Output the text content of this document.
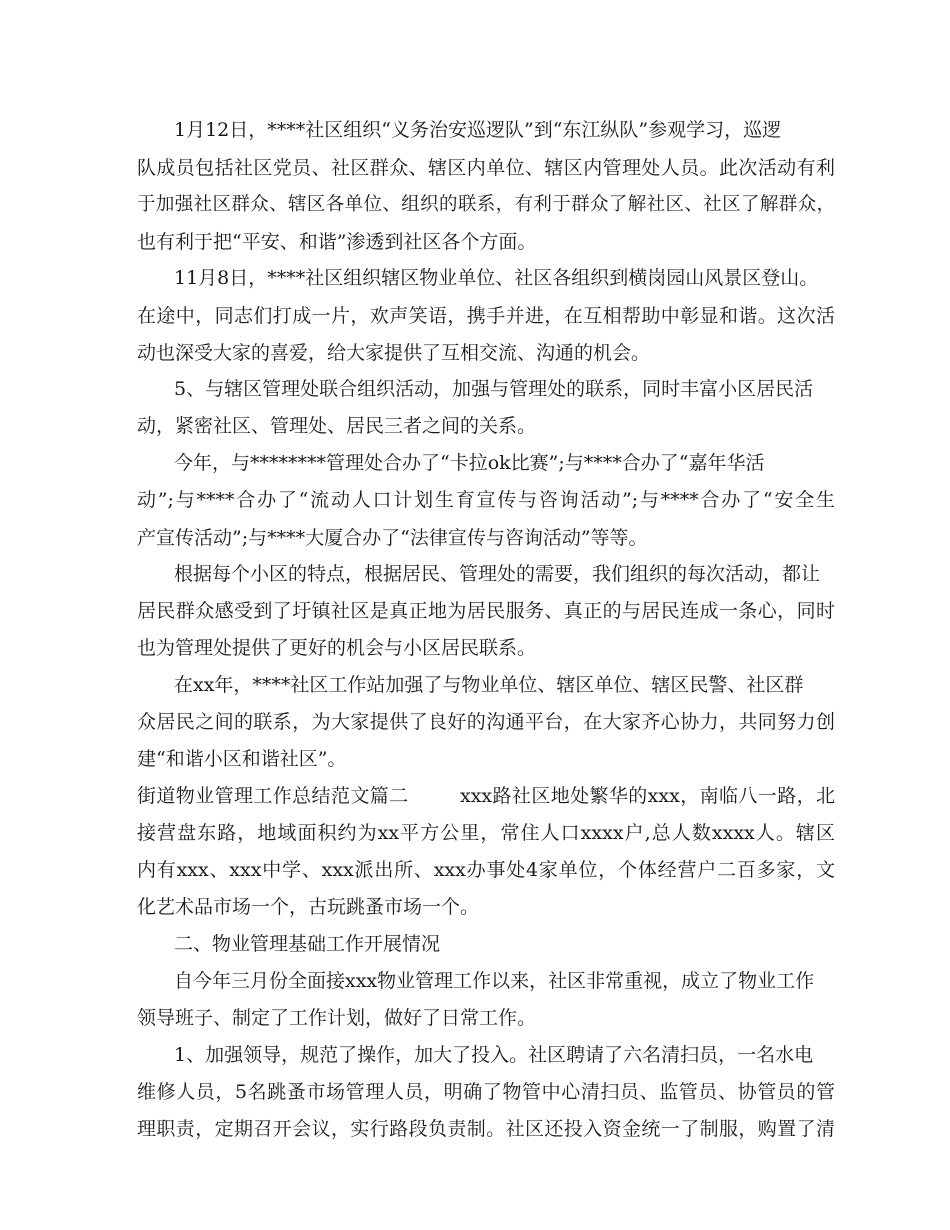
1月12日，****社区组织“义务治安巡逻队”到“东江纵队”参观学习，巡逻
队成员包括社区党员、社区群众、辖区内单位、辖区内管理处人员。此次活动有利
于加强社区群众、辖区各单位、组织的联系，有利于群众了解社区、社区了解群众，
也有利于把“平安、和谐”渗透到社区各个方面。
11月8日，****社区组织辖区物业单位、社区各组织到横岗园山风景区登山。
在途中，同志们打成一片，欢声笑语，携手并进，在互相帮助中彰显和谐。这次活
动也深受大家的喜爱，给大家提供了互相交流、沟通的机会。
5、与辖区管理处联合组织活动，加强与管理处的联系，同时丰富小区居民活
动，紧密社区、管理处、居民三者之间的关系。
今年，与********管理处合办了“卡拉ok比赛”;与****合办了“嘉年华活
动”;与****合办了“流动人口计划生育宣传与咨询活动”;与****合办了“安全生
产宣传活动”;与****大厦合办了“法律宣传与咨询活动”等等。
根据每个小区的特点，根据居民、管理处的需要，我们组织的每次活动，都让
居民群众感受到了圩镇社区是真正地为居民服务、真正的与居民连成一条心，同时
也为管理处提供了更好的机会与小区居民联系。
在xx年，****社区工作站加强了与物业单位、辖区单位、辖区民警、社区群
众居民之间的联系，为大家提供了良好的沟通平台，在大家齐心协力，共同努力创
建“和谐小区和谐社区”。
街道物业管理工作总结范文篇二        xxx路社区地处繁华的xxx，南临八一路，北
接营盘东路，地域面积约为xx平方公里，常住人口xxxx户,总人数xxxx人。辖区
内有xxx、xxx中学、xxx派出所、xxx办事处4家单位，个体经营户二百多家，文
化艺术品市场一个，古玩跳蚤市场一个。
二、物业管理基础工作开展情况
自今年三月份全面接xxx物业管理工作以来，社区非常重视，成立了物业工作
领导班子、制定了工作计划，做好了日常工作。
1、加强领导，规范了操作，加大了投入。社区聘请了六名清扫员，一名水电
维修人员，5名跳蚤市场管理人员，明确了物管中心清扫员、监管员、协管员的管
理职责，定期召开会议，实行路段负责制。社区还投入资金统一了制服，购置了清
